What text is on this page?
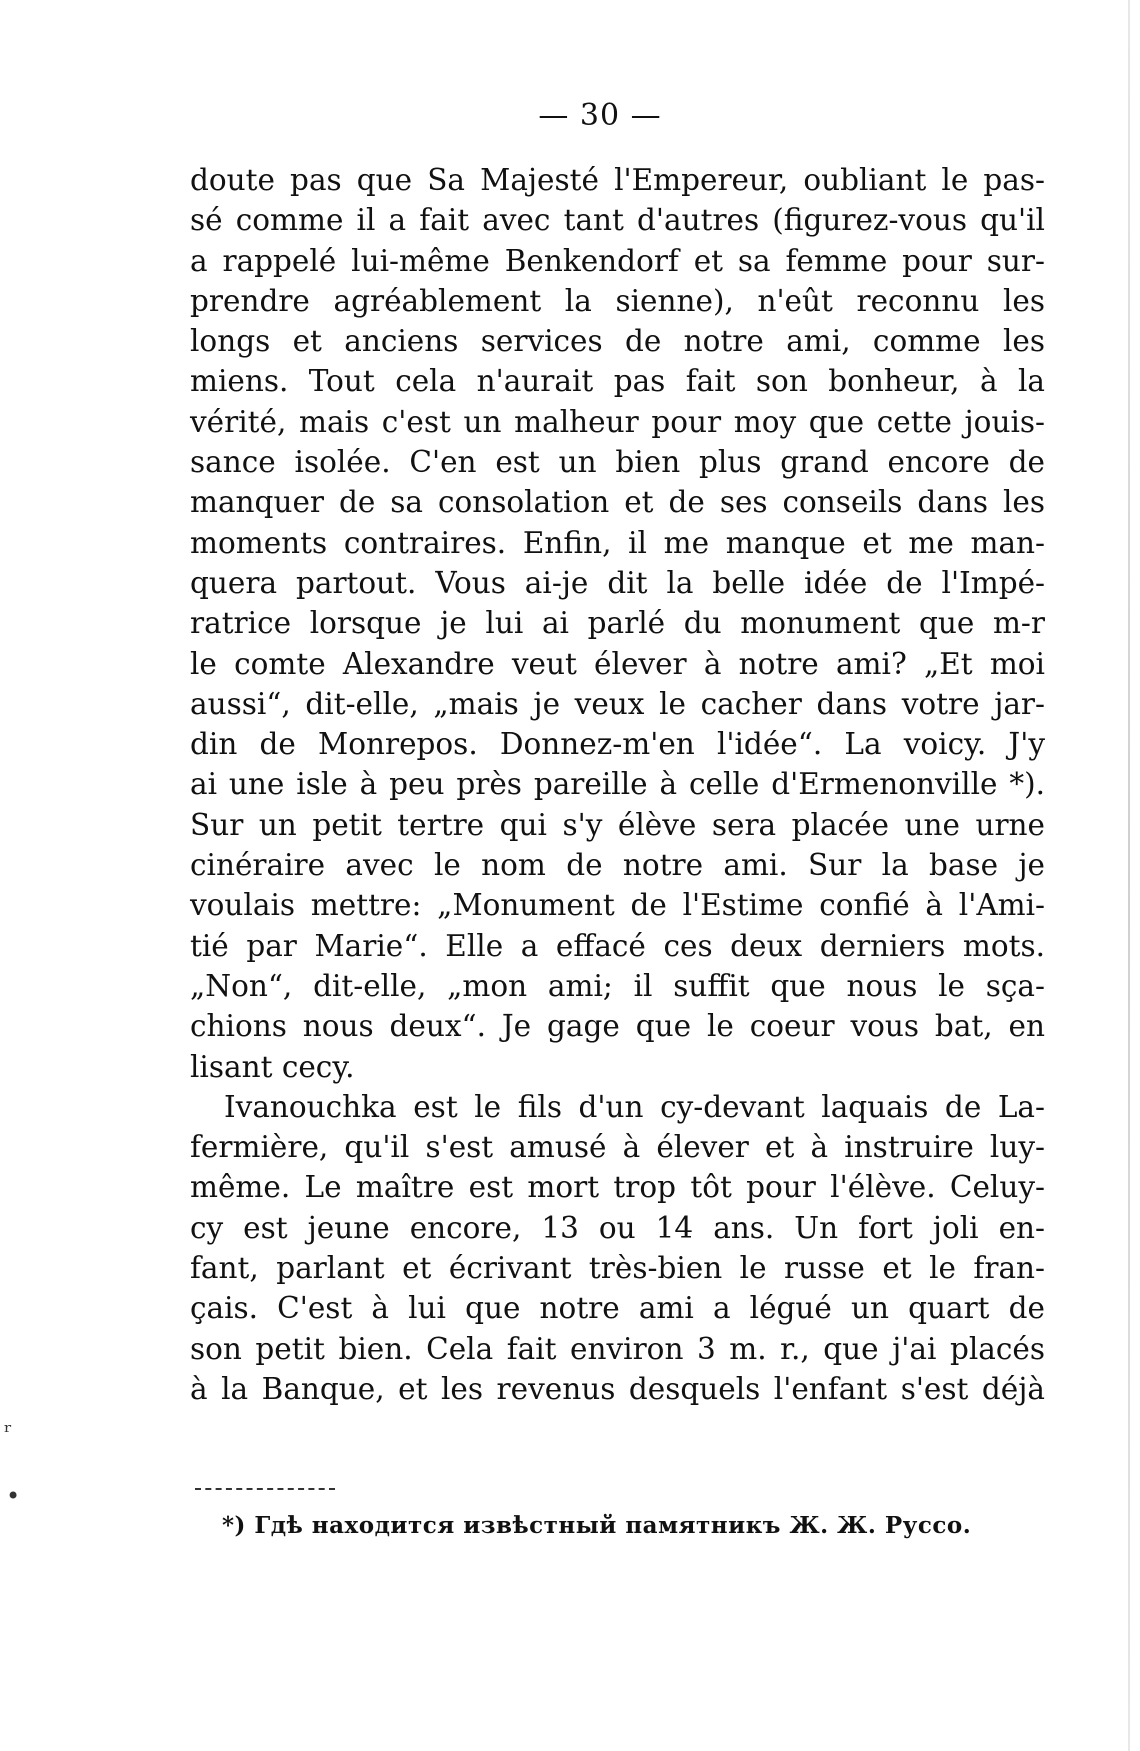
— 30 —
doute pas que Sa Majesté l'Empereur, oubliant le pas-
sé comme il a fait avec tant d'autres (figurez-vous qu'il
a rappelé lui-même Benkendorf et sa femme pour sur-
prendre agréablement la sienne), n'eût reconnu les
longs et anciens services de notre ami, comme les
miens. Tout cela n'aurait pas fait son bonheur, à la
vérité, mais c'est un malheur pour moy que cette jouis-
sance isolée. C'en est un bien plus grand encore de
manquer de sa consolation et de ses conseils dans les
moments contraires. Enfin, il me manque et me man-
quera partout. Vous ai-je dit la belle idée de l'Impé-
ratrice lorsque je lui ai parlé du monument que m-r
le comte Alexandre veut élever à notre ami? „Et moi
aussi“, dit-elle, „mais je veux le cacher dans votre jar-
din de Monrepos. Donnez-m'en l'idée“. La voicy. J'y
ai une isle à peu près pareille à celle d'Ermenonville *).
Sur un petit tertre qui s'y élève sera placée une urne
cinéraire avec le nom de notre ami. Sur la base je
voulais mettre: „Monument de l'Estime confié à l'Ami-
tié par Marie“. Elle a effacé ces deux derniers mots.
„Non“, dit-elle, „mon ami; il suffit que nous le sça-
chions nous deux“. Je gage que le coeur vous bat, en
lisant cecy.
Ivanouchka est le fils d'un cy-devant laquais de La-
fermière, qu'il s'est amusé à élever et à instruire luy-
même. Le maître est mort trop tôt pour l'élève. Celuy-
cy est jeune encore, 13 ou 14 ans. Un fort joli en-
fant, parlant et écrivant très-bien le russe et le fran-
çais. C'est à lui que notre ami a légué un quart de
son petit bien. Cela fait environ 3 m. r., que j'ai placés
à la Banque, et les revenus desquels l'enfant s'est déjà
*) Гдѣ находится извѣстный памятникъ Ж. Ж. Руссо.
ʳ
•
